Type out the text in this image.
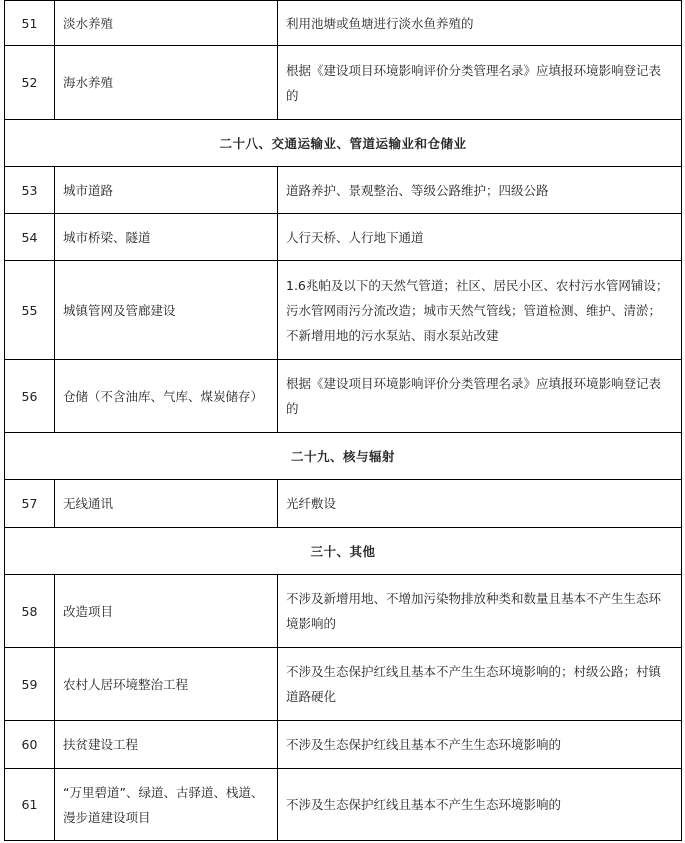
51	淡水养殖	利用池塘或鱼塘进行淡水鱼养殖的
52	海水养殖	根据《建设项目环境影响评价分类管理名录》应填报环境影响登记表的
二十八、交通运输业、管道运输业和仓储业		
53	城市道路	道路养护、景观整治、等级公路维护；四级公路
54	城市桥梁、隧道	人行天桥、人行地下通道
55	城镇管网及管廊建设	1.6兆帕及以下的天然气管道；社区、居民小区、农村污水管网铺设；污水管网雨污分流改造；城市天然气管线；管道检测、维护、清淤；不新增用地的污水泵站、雨水泵站改建
56	仓储（不含油库、气库、煤炭储存）	根据《建设项目环境影响评价分类管理名录》应填报环境影响登记表的
二十九、核与辐射		
57	无线通讯	光纤敷设
三十、其他		
58	改造项目	不涉及新增用地、不增加污染物排放种类和数量且基本不产生生态环境影响的
59	农村人居环境整治工程	不涉及生态保护红线且基本不产生生态环境影响的；村级公路；村镇道路硬化
60	扶贫建设工程	不涉及生态保护红线且基本不产生生态环境影响的
61	“万里碧道”、绿道、古驿道、栈道、漫步道建设项目	不涉及生态保护红线且基本不产生生态环境影响的
